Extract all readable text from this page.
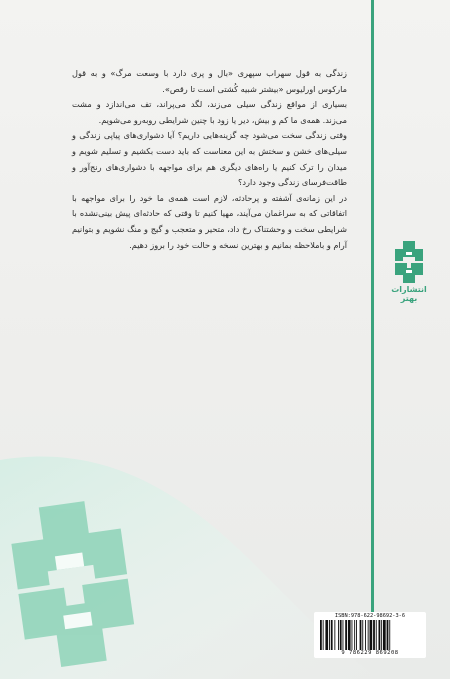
زندگی به قول سهراب سپهری «بال و پری دارد با وسعت مرگ» و به قول مارکوس اورلیوس «بیشتر شبیه کُشتی است تا رقص».

بسیاری از مواقع زندگی سیلی می‌زند، لگد می‌پراند، تف می‌اندازد و مشت می‌زند. همه‌ی ما کم و بیش، دیر یا زود با چنین شرایطی روبه‌رو می‌شویم.

وقتی زندگی سخت می‌شود چه گزینه‌هایی داریم؟ آیا دشواری‌های پیاپی زندگی و سیلی‌های خشن و سختش به این معناست که باید دست بکشیم و تسلیم شویم و میدان را ترک کنیم یا راه‌های دیگری هم برای مواجهه با دشواری‌های رنج‌آور و طاقت‌فرسای زندگی وجود دارد؟

در این زمانه‌ی آشفته و پرحادثه، لازم است همه‌ی ما خود را برای مواجهه با اتفاقاتی که به سراغمان می‌آیند، مهیا کنیم تا وقتی که حادثه‌ای پیش بینی‌نشده با شرایطی سخت و وحشتناک رخ داد، متحیر و متعجب و گیج و منگ نشویم و بتوانیم آرام و باملاحظه بمانیم و بهترین نسخه و حالت خود را بروز دهیم.

انتشارات بهتر
ISBN:978-622-98692-3-6
9 786229 869208
